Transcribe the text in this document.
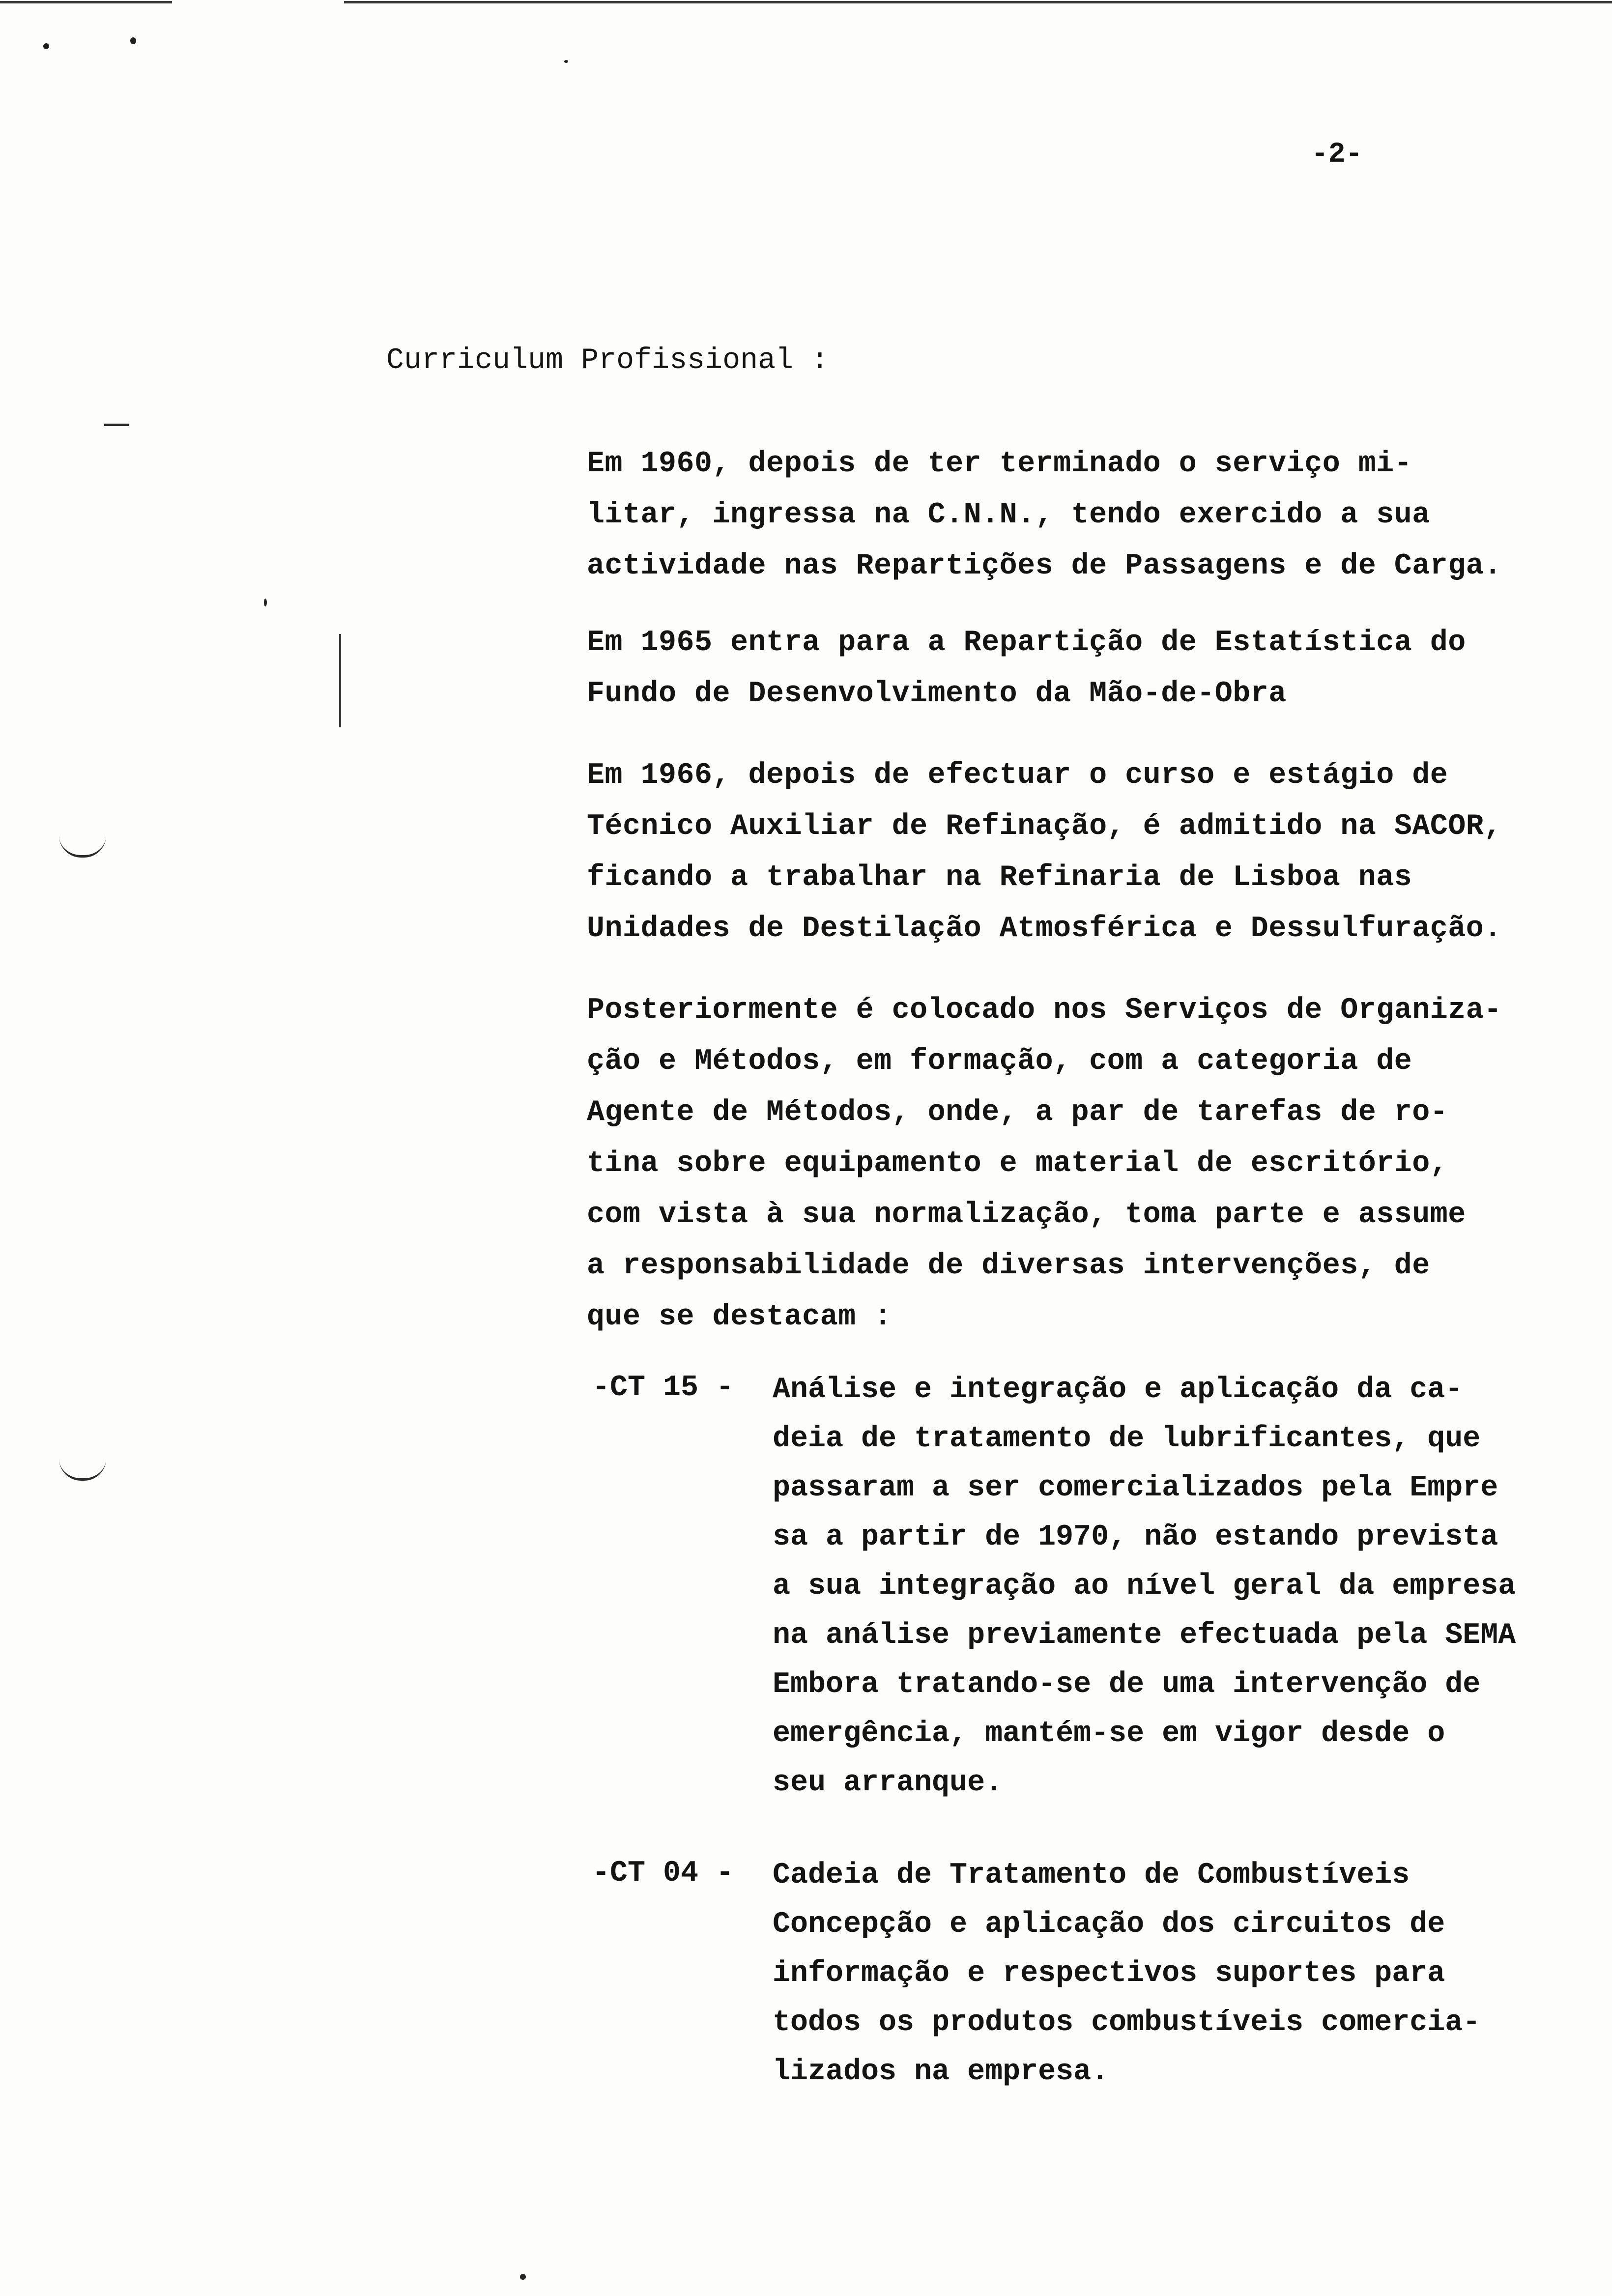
-2-
Curriculum Profissional :
Em 1960, depois de ter terminado o serviço mi-
litar, ingressa na C.N.N., tendo exercido a sua
actividade nas Repartições de Passagens e de Carga.
Em 1965 entra para a Repartição de Estatística do
Fundo de Desenvolvimento da Mão-de-Obra
Em 1966, depois de efectuar o curso e estágio de
Técnico Auxiliar de Refinação, é admitido na SACOR,
ficando a trabalhar na Refinaria de Lisboa nas
Unidades de Destilação Atmosférica e Dessulfuração.
Posteriormente é colocado nos Serviços de Organiza-
ção e Métodos, em formação, com a categoria de
Agente de Métodos, onde, a par de tarefas de ro-
tina sobre equipamento e material de escritório,
com vista à sua normalização, toma parte e assume
a responsabilidade de diversas intervenções, de
que se destacam :
-CT 15 - Análise e integração e aplicação da ca-
deia de tratamento de lubrificantes, que
passaram a ser comercializados pela Empre
sa a partir de 1970, não estando prevista
a sua integração ao nível geral da empresa
na análise previamente efectuada pela SEMA
Embora tratando-se de uma intervenção de
emergência, mantém-se em vigor desde o
seu arranque.
-CT 04 - Cadeia de Tratamento de Combustíveis
Concepção e aplicação dos circuitos de
informação e respectivos suportes para
todos os produtos combustíveis comercia-
lizados na empresa.
